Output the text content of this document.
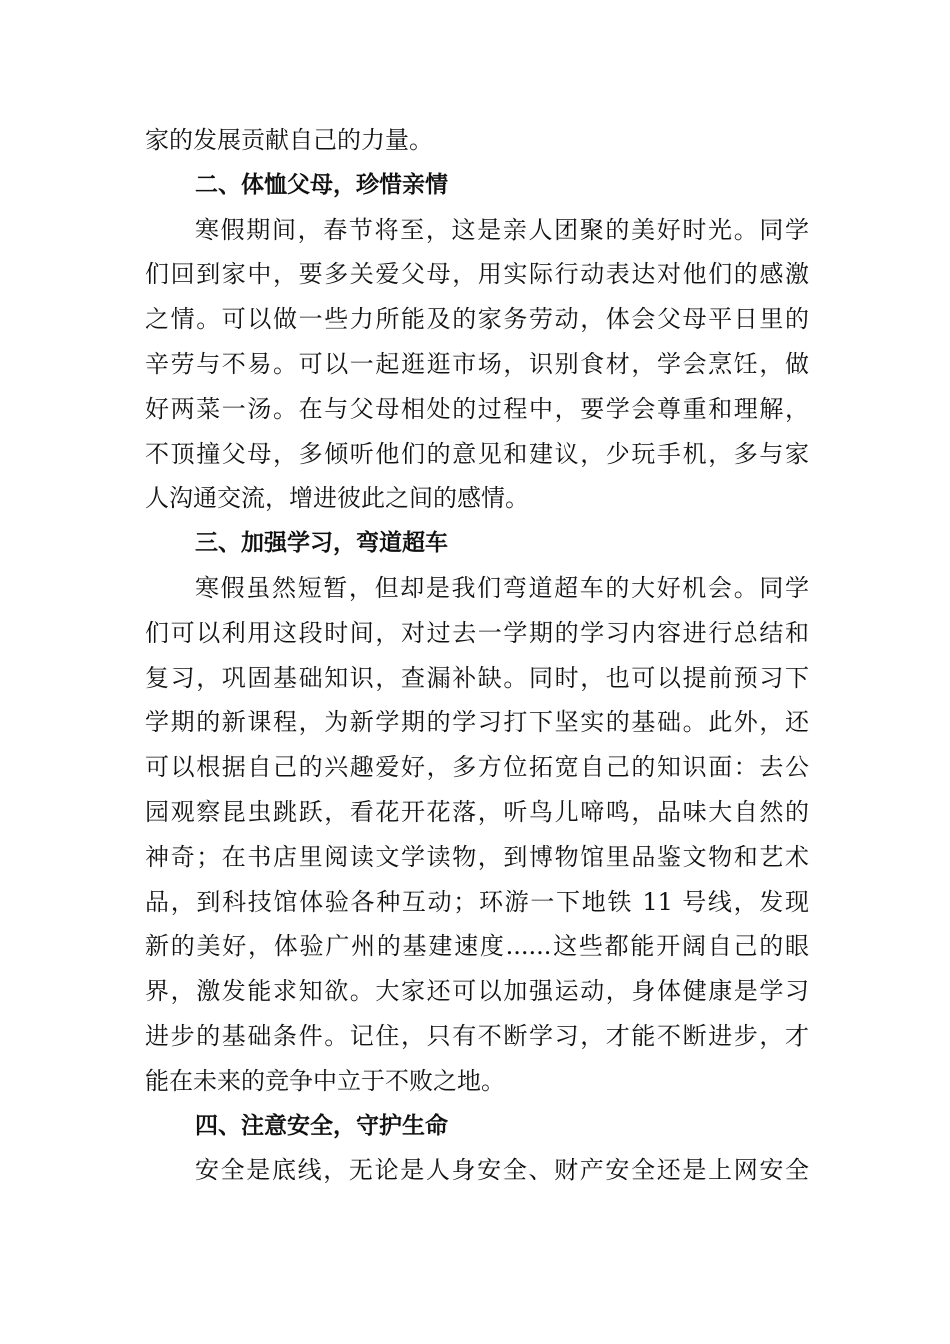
家的发展贡献自己的力量。
二、体恤父母，珍惜亲情
寒假期间，春节将至，这是亲人团聚的美好时光。同学
们回到家中，要多关爱父母，用实际行动表达对他们的感激
之情。可以做一些力所能及的家务劳动，体会父母平日里的
辛劳与不易。可以一起逛逛市场，识别食材，学会烹饪，做
好两菜一汤。在与父母相处的过程中，要学会尊重和理解，
不顶撞父母，多倾听他们的意见和建议，少玩手机，多与家
人沟通交流，增进彼此之间的感情。
三、加强学习，弯道超车
寒假虽然短暂，但却是我们弯道超车的大好机会。同学
们可以利用这段时间，对过去一学期的学习内容进行总结和
复习，巩固基础知识，查漏补缺。同时，也可以提前预习下
学期的新课程，为新学期的学习打下坚实的基础。此外，还
可以根据自己的兴趣爱好，多方位拓宽自己的知识面：去公
园观察昆虫跳跃，看花开花落，听鸟儿啼鸣，品味大自然的
神奇；在书店里阅读文学读物，到博物馆里品鉴文物和艺术
品，到科技馆体验各种互动；环游一下地铁 11 号线，发现
新的美好，体验广州的基建速度......这些都能开阔自己的眼
界，激发能求知欲。大家还可以加强运动，身体健康是学习
进步的基础条件。记住，只有不断学习，才能不断进步，才
能在未来的竞争中立于不败之地。
四、注意安全，守护生命
安全是底线，无论是人身安全、财产安全还是上网安全
